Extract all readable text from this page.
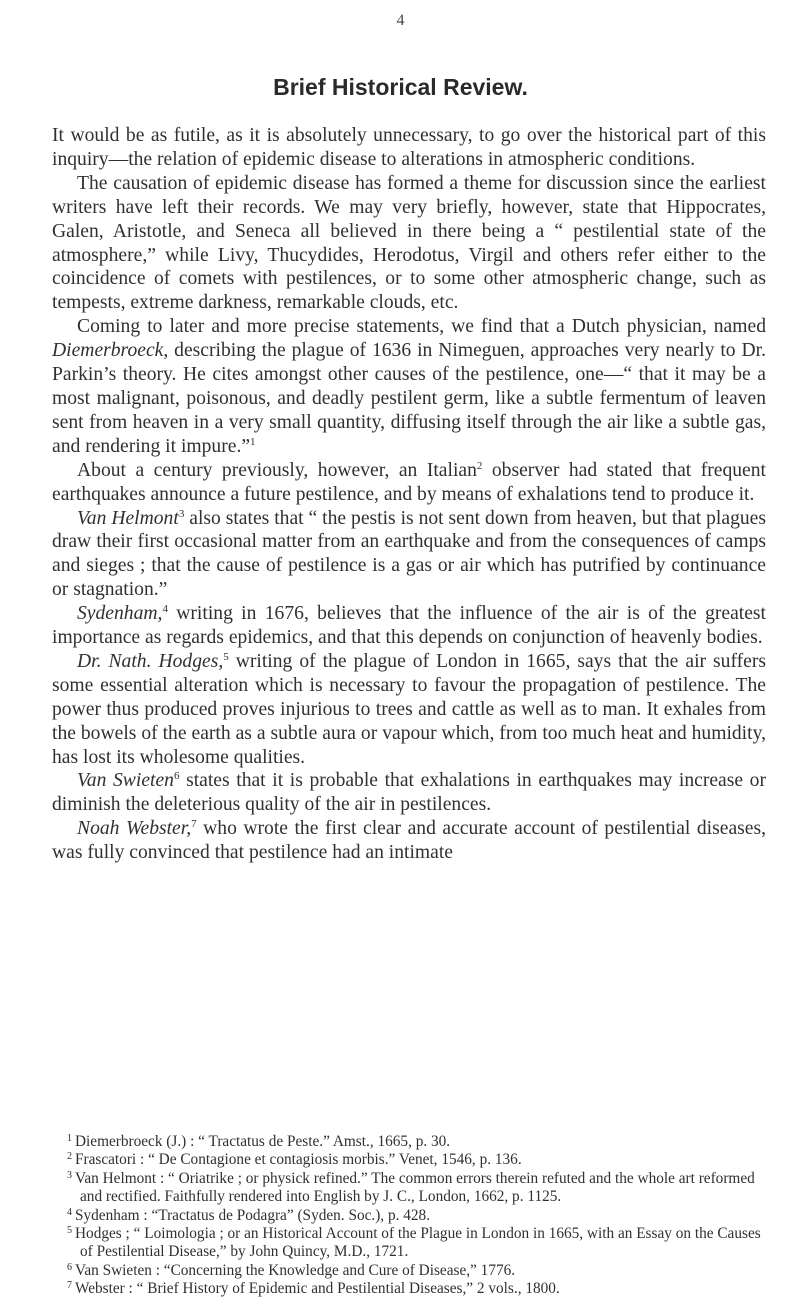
4
Brief Historical Review.

It would be as futile, as it is absolutely unnecessary, to go over the historical part of this inquiry—the relation of epidemic disease to alterations in atmospheric conditions.

The causation of epidemic disease has formed a theme for discussion since the earliest writers have left their records. We may very briefly, however, state that Hippocrates, Galen, Aristotle, and Seneca all believed in there being a “ pestilential state of the atmosphere,” while Livy, Thucydides, Herodotus, Virgil and others refer either to the coincidence of comets with pestilences, or to some other atmospheric change, such as tempests, extreme darkness, remarkable clouds, etc.

Coming to later and more precise statements, we find that a Dutch physician, named Diemerbroeck, describing the plague of 1636 in Nimeguen, approaches very nearly to Dr. Parkin’s theory. He cites amongst other causes of the pestilence, one—“ that it may be a most malignant, poisonous, and deadly pestilent germ, like a subtle fermentum of leaven sent from heaven in a very small quantity, diffusing itself through the air like a subtle gas, and rendering it impure.”$^1$

About a century previously, however, an Italian$^2$ observer had stated that frequent earthquakes announce a future pestilence, and by means of exhalations tend to produce it.

Van Helmont$^3$ also states that “ the pestis is not sent down from heaven, but that plagues draw their first occasional matter from an earthquake and from the consequences of camps and sieges ; that the cause of pestilence is a gas or air which has putrified by continuance or stagnation.”

Sydenham,$^4$ writing in 1676, believes that the influence of the air is of the greatest importance as regards epidemics, and that this depends on conjunction of heavenly bodies.

Dr. Nath. Hodges,$^5$ writing of the plague of London in 1665, says that the air suffers some essential alteration which is necessary to favour the propagation of pestilence. The power thus produced proves injurious to trees and cattle as well as to man. It exhales from the bowels of the earth as a subtle aura or vapour which, from too much heat and humidity, has lost its wholesome qualities.

Van Swieten$^6$ states that it is probable that exhalations in earthquakes may increase or diminish the deleterious quality of the air in pestilences.

Noah Webster,$^7$ who wrote the first clear and accurate account of pestilential diseases, was fully convinced that pestilence had an intimate

$^1$ Diemerbroeck (J.) : “ Tractatus de Peste.” Amst., 1665, p. 30.

$^2$ Frascatori : “ De Contagione et contagiosis morbis.” Venet, 1546, p. 136.

$^3$ Van Helmont : “ Oriatrike ; or physick refined.” The common errors therein refuted and the whole art reformed and rectified. Faithfully rendered into English by J. C., London, 1662, p. 1125.

$^4$ Sydenham : “Tractatus de Podagra” (Syden. Soc.), p. 428.

$^5$ Hodges ; “ Loimologia ; or an Historical Account of the Plague in London in 1665, with an Essay on the Causes of Pestilential Disease,” by John Quincy, M.D., 1721.

$^6$ Van Swieten : “Concerning the Knowledge and Cure of Disease,” 1776.

$^7$ Webster : “ Brief History of Epidemic and Pestilential Diseases,” 2 vols., 1800.
